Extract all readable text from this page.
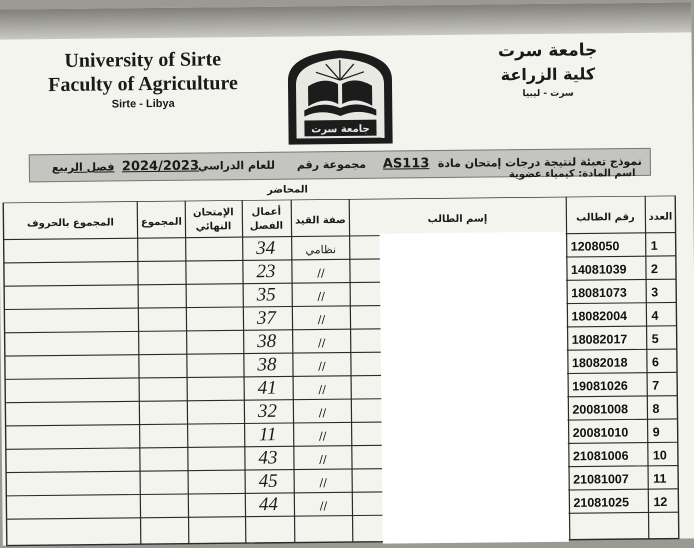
University of Sirte
Faculty of Agriculture
Sirte - Libya
جامعة سرت
جامعة سرت
كلية الزراعة
سرت - ليبيا
نموذج تعبئة لنتيجة درجات إمتحان مادة
AS113
مجموعة رقم
للعام الدراسي
2024/2023
فصل الربيع
اسم المادة: كيمياء عضوية
المحاضر
العدد
رقم الطالب
إسم الطالب
صفة القيد
أعمال
الفصل
الإمتحان
النهائي
المجموع
المجموع بالحروف
1
1208050
نظامي
34
2
14081039
//
23
3
18081073
//
35
4
18082004
//
37
5
18082017
//
38
6
18082018
//
38
7
19081026
//
41
8
20081008
//
32
9
20081010
//
11
10
21081006
//
43
11
21081007
//
45
12
21081025
//
44
